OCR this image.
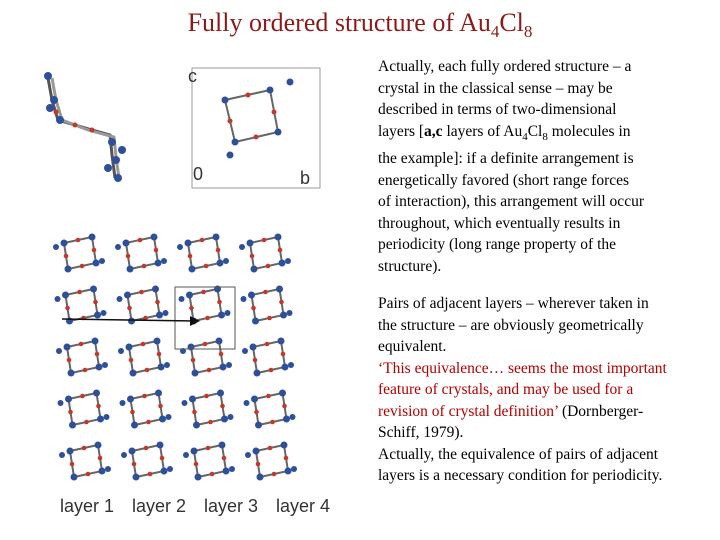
Fully ordered structure of $Au_4Cl_8$
c
0	b
layer 1 layer 2 layer 3 layer 4
Actually, each fully ordered structure – a
crystal in the classical sense – may be
described in terms of two-dimensional
layers [a,c layers of $Au_4Cl_8$ molecules in
the example]: if a definite arrangement is
energetically favored (short range forces
of interaction), this arrangement will occur
throughout, which eventually results in
periodicity (long range property of the
structure).
Pairs of adjacent layers – wherever taken in
the structure – are obviously geometrically
equivalent.
‘This equivalence… seems the most important
feature of crystals, and may be used for a
revision of crystal definition’ (Dornberger-
Schiff, 1979).
Actually, the equivalence of pairs of adjacent
layers is a necessary condition for periodicity.
